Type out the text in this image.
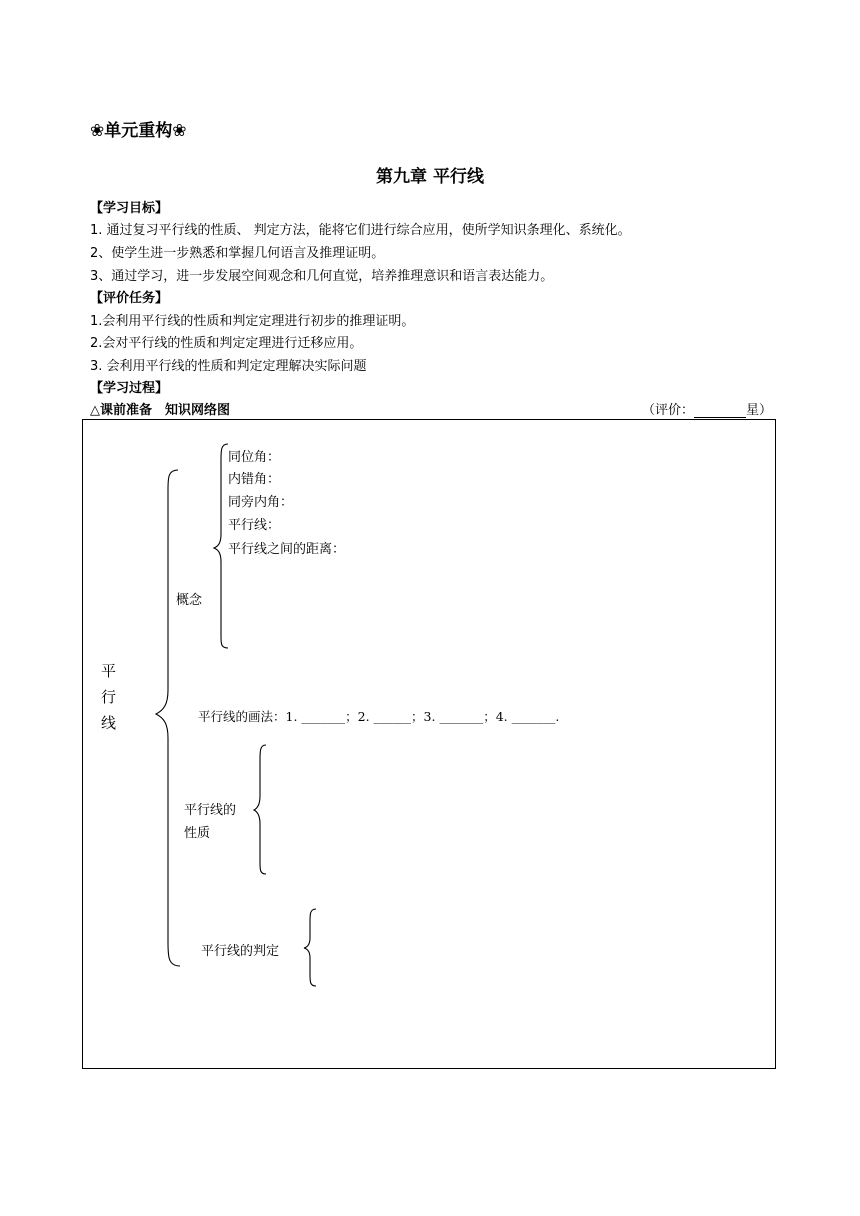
❀单元重构❀
第九章 平行线
【学习目标】
1. 通过复习平行线的性质、 判定方法，能将它们进行综合应用，使所学知识条理化、系统化。
2、使学生进一步熟悉和掌握几何语言及推理证明。
3、通过学习，进一步发展空间观念和几何直觉，培养推理意识和语言表达能力。
【评价任务】
1.会利用平行线的性质和判定定理进行初步的推理证明。
2.会对平行线的性质和判定定理进行迁移应用。
3. 会利用平行线的性质和判定定理解决实际问题
【学习过程】
△课前准备　知识网络图	（评价：	星）
平
行
线
概念
同位角：
内错角：
同旁内角：
平行线：
平行线之间的距离：
平行线的画法：1. _______；2. ______；3. _______；4. _______.
平行线的
性质
平行线的判定
